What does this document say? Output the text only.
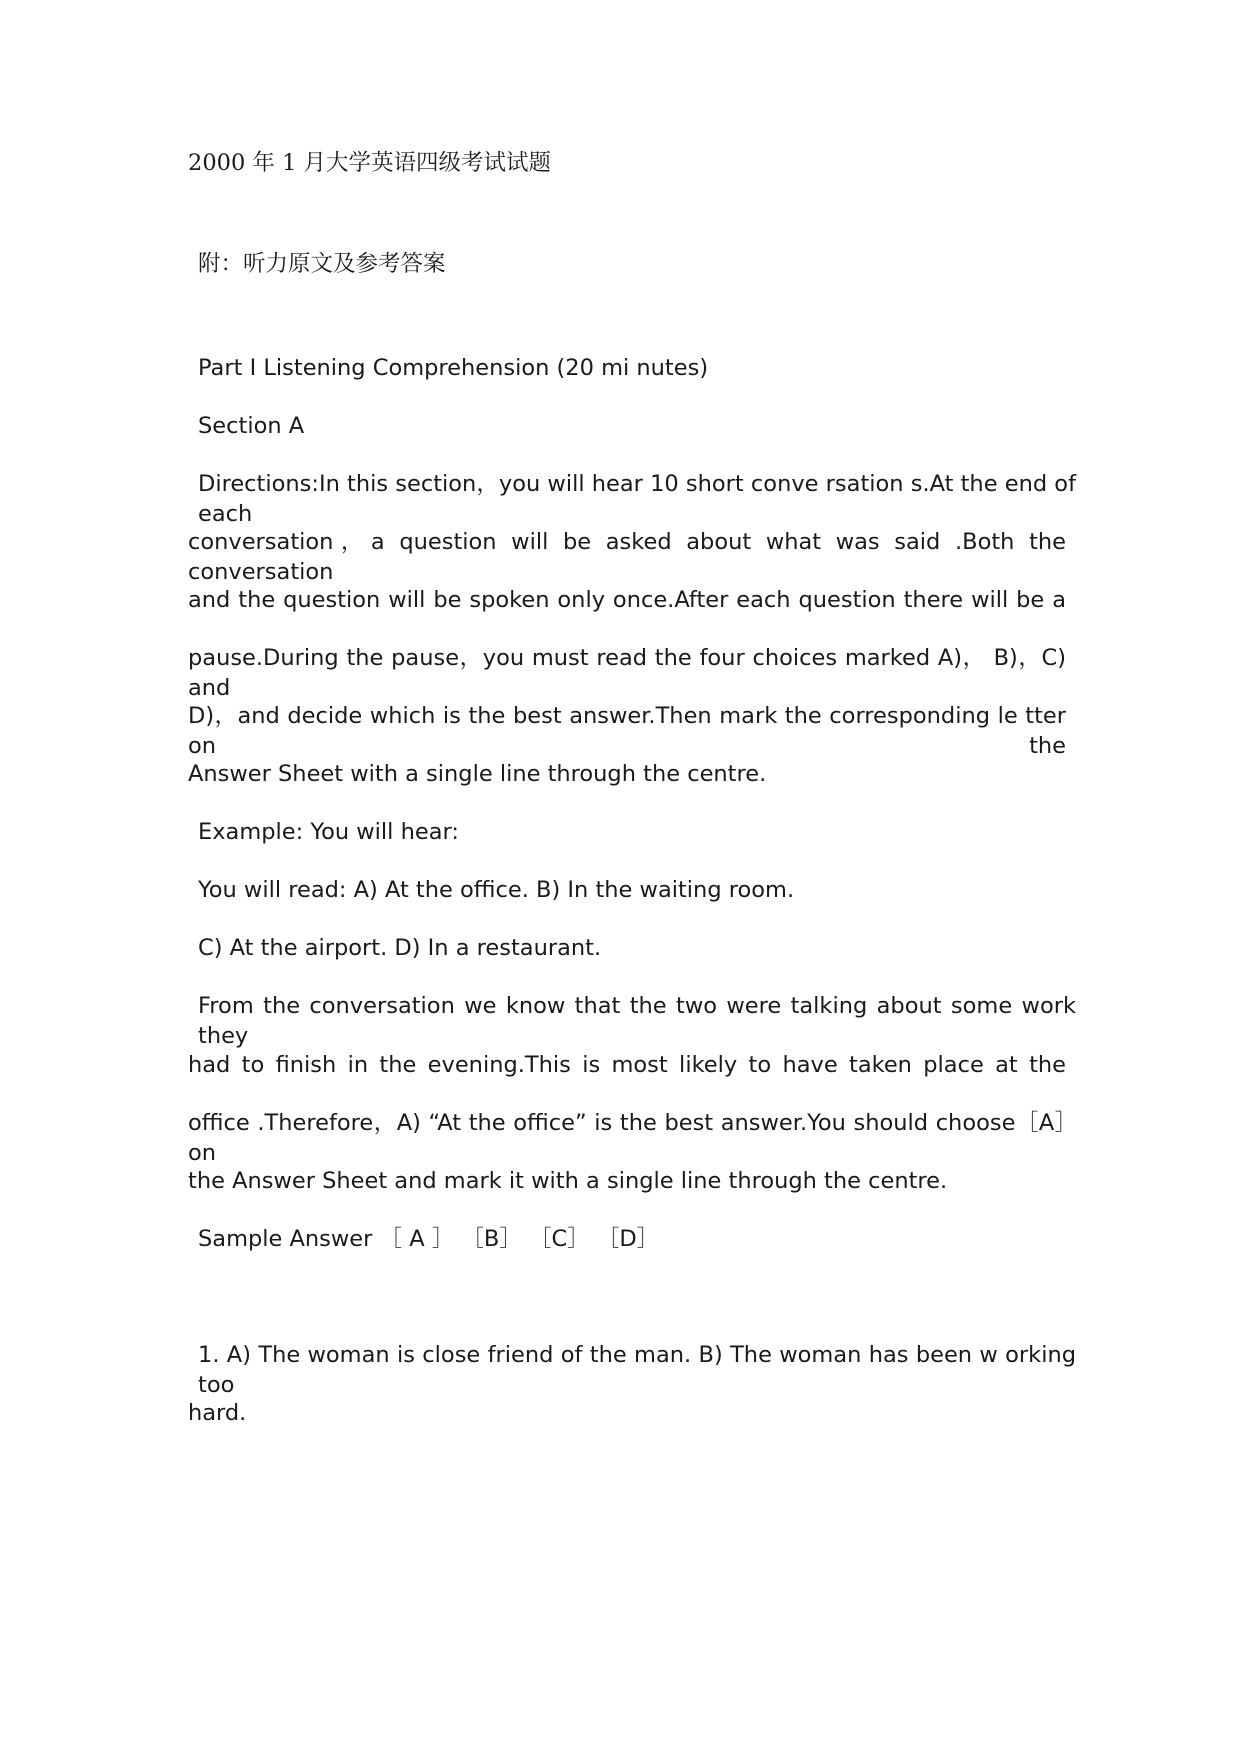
2000 年 1 月大学英语四级考试试题
附：听力原文及参考答案
Part I Listening Comprehension (20 mi nutes)
Section A
Directions:In this section，you will hear 10 short conve rsation s.At the end of each
conversation，a question will be asked about what was said .Both the conversation
and the question will be spoken only once.After each question there will be a
pause.During the pause，you must read the four choices marked A)， B)，C) and
D)，and decide which is the best answer.Then mark the corresponding le tter on the
Answer Sheet with a single line through the centre.
Example: You will hear:
You will read: A) At the office. B) In the waiting room.
C) At the airport. D) In a restaurant.
From the conversation we know that the two were talking about some work they
had to finish in the evening.This is most likely to have taken place at the
office .Therefore，A) “At the office” is the best answer.You should choose［A］on
the Answer Sheet and mark it with a single line through the centre.
Sample Answer ［ A ］ ［B］ ［C］ ［D］
1. A) The woman is close friend of the man. B) The woman has been w orking too
hard.
